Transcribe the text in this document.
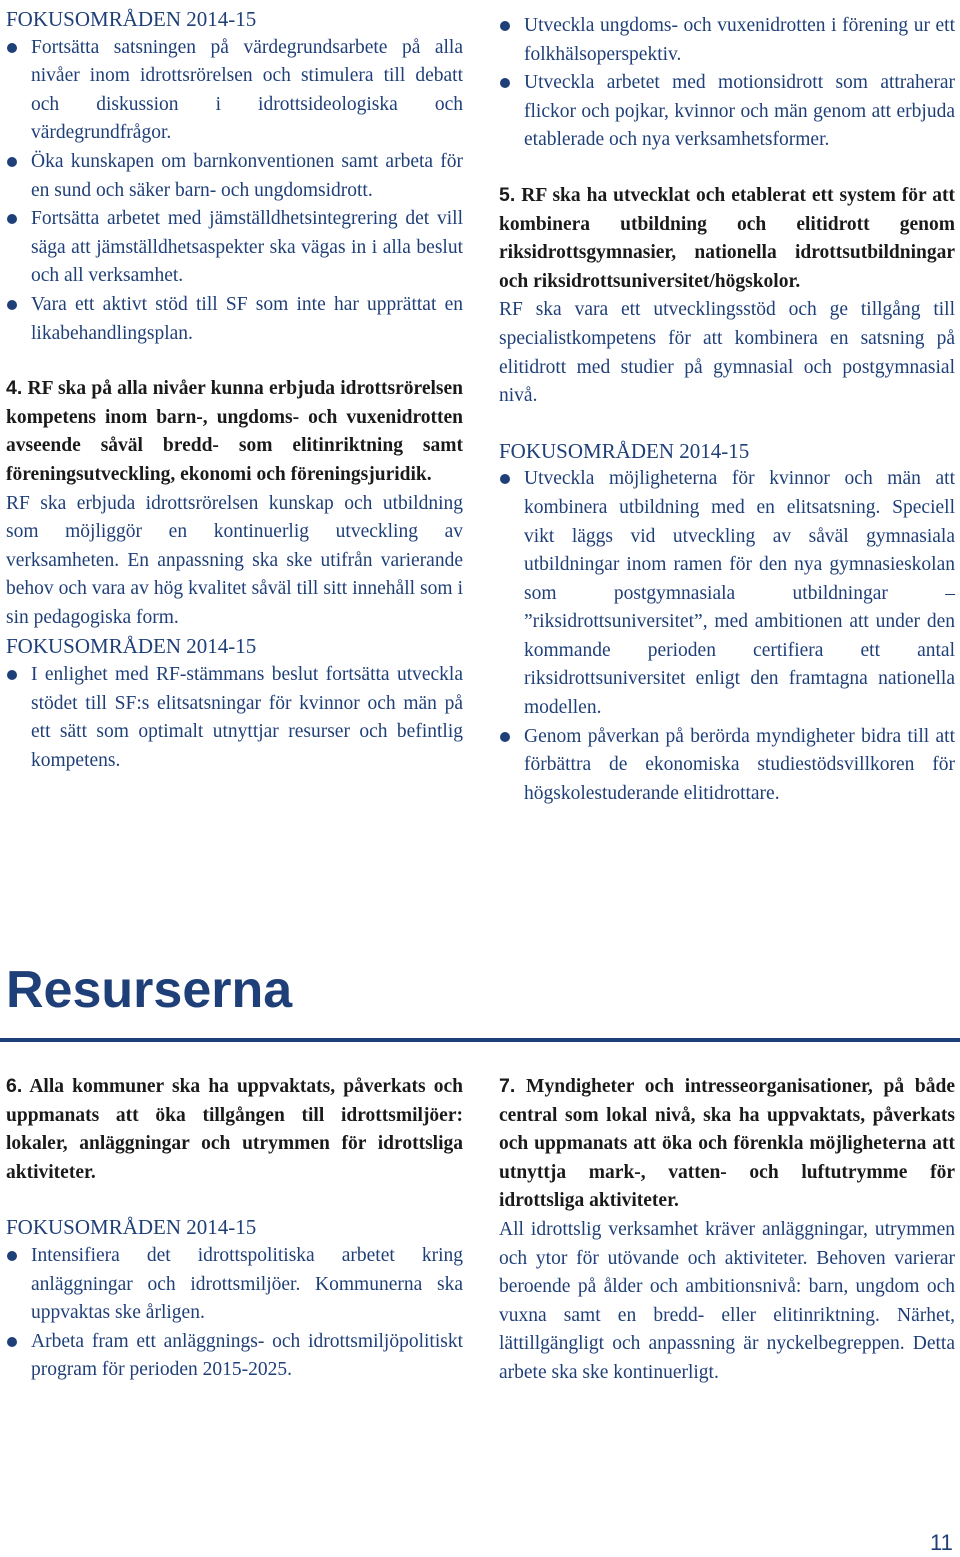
FOKUSOMRÅDEN 2014-15
Fortsätta satsningen på värdegrundsarbete på alla nivåer inom idrottsrörelsen och stimulera till debatt och diskussion i idrottsideologiska och värdegrundfrågor.
Öka kunskapen om barnkonventionen samt arbeta för en sund och säker barn- och ungdomsidrott.
Fortsätta arbetet med jämställdhetsintegrering det vill säga att jämställdhetsaspekter ska vägas in i alla beslut och all verksamhet.
Vara ett aktivt stöd till SF som inte har upprättat en likabehandlingsplan.

4. RF ska på alla nivåer kunna erbjuda idrottsrörelsen kompetens inom barn-, ungdoms- och vuxenidrotten avseende såväl bredd- som elitinriktning samt föreningsutveckling, ekonomi och föreningsjuridik.

RF ska erbjuda idrottsrörelsen kunskap och utbildning som möjliggör en kontinuerlig utveckling av verksamheten. En anpassning ska ske utifrån varierande behov och vara av hög kvalitet såväl till sitt innehåll som i sin pedagogiska form.

FOKUSOMRÅDEN 2014-15
I enlighet med RF-stämmans beslut fortsätta utveckla stödet till SF:s elitsatsningar för kvinnor och män på ett sätt som optimalt utnyttjar resurser och befintlig kompetens.
Utveckla ungdoms- och vuxenidrotten i förening ur ett folkhälsoperspektiv.
Utveckla arbetet med motionsidrott som attraherar flickor och pojkar, kvinnor och män genom att erbjuda etablerade och nya verksamhetsformer.

5. RF ska ha utvecklat och etablerat ett system för att kombinera utbildning och elitidrott genom riksidrottsgymnasier, nationella idrottsutbildningar och riksidrottsuniversitet/högskolor.

RF ska vara ett utvecklingsstöd och ge tillgång till specialistkompetens för att kombinera en satsning på elitidrott med studier på gymnasial och postgymnasial nivå.

FOKUSOMRÅDEN 2014-15
Utveckla möjligheterna för kvinnor och män att kombinera utbildning med en elitsatsning. Speciell vikt läggs vid utveckling av såväl gymnasiala utbildningar inom ramen för den nya gymnasieskolan som postgymnasiala utbildningar – ”riksidrottsuniversitet”, med ambitionen att under den kommande perioden certifiera ett antal riksidrottsuniversitet enligt den framtagna nationella modellen.
Genom påverkan på berörda myndigheter bidra till att förbättra de ekonomiska studiestödsvillkoren för högskolestuderande elitidrottare.
Resurserna

6. Alla kommuner ska ha uppvaktats, påverkats och uppmanats att öka tillgången till idrottsmiljöer: lokaler, anläggningar och utrymmen för idrottsliga aktiviteter.

FOKUSOMRÅDEN 2014-15
Intensifiera det idrottspolitiska arbetet kring anläggningar och idrottsmiljöer. Kommunerna ska uppvaktas ske årligen.
Arbeta fram ett anläggnings- och idrottsmiljöpolitiskt program för perioden 2015-2025.

7. Myndigheter och intresseorganisationer, på både central som lokal nivå, ska ha uppvaktats, påverkats och uppmanats att öka och förenkla möjligheterna att utnyttja mark-, vatten- och luftutrymme för idrottsliga aktiviteter.

All idrottslig verksamhet kräver anläggningar, utrymmen och ytor för utövande och aktiviteter. Behoven varierar beroende på ålder och ambitionsnivå: barn, ungdom och vuxna samt en bredd- eller elitinriktning. Närhet, lättillgängligt och anpassning är nyckelbegreppen. Detta arbete ska ske kontinuerligt.

11
